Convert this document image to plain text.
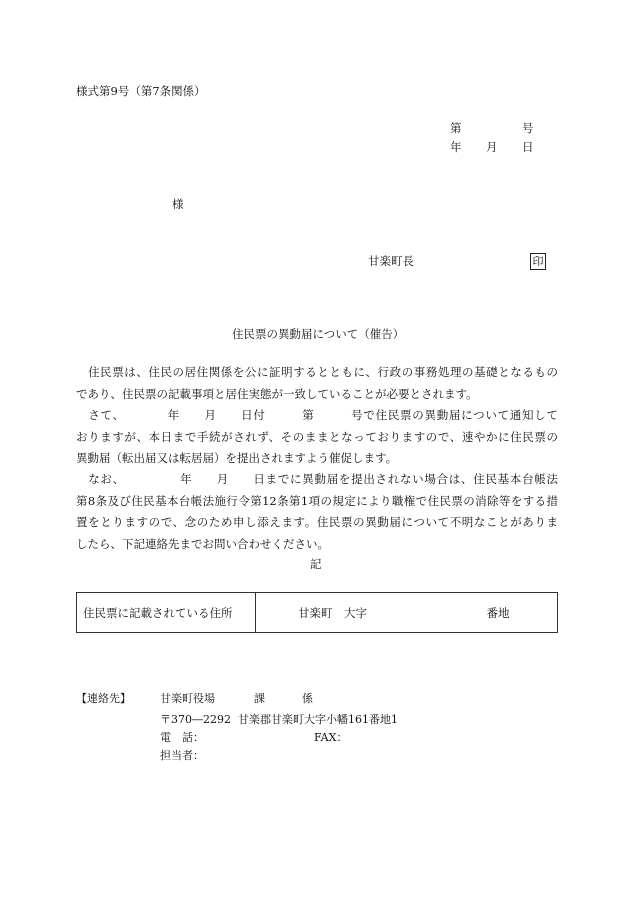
様式第9号（第7条関係）
第	号
年 月 日
様
甘楽町長	印
住民票の異動届について（催告）
　住民票は、住民の居住関係を公に証明するとともに、行政の事務処理の基礎となるもの
であり、住民票の記載事項と居住実態が一致していることが必要とされます。
　さて、　　　　年　　月　　日付　　　第　　　号で住民票の異動届について通知して
おりますが、本日まで手続がされず、そのままとなっておりますので、速やかに住民票の
異動届（転出届又は転居届）を提出されますよう催促します。
　なお、　　　　　年　　月　　日までに異動届を提出されない場合は、住民基本台帳法
第8条及び住民基本台帳法施行令第12条第1項の規定により職権で住民票の消除等をする措
置をとりますので、念のため申し添えます。住民票の異動届について不明なことがありま
したら、下記連絡先までお問い合わせください。
記
住民票に記載されている住所	甘楽町　大字	番地
【連絡先】	甘楽町役場	課	係
〒370―2292 甘楽郡甘楽町大字小幡161番地1
電　話：	FAX：
担当者：
